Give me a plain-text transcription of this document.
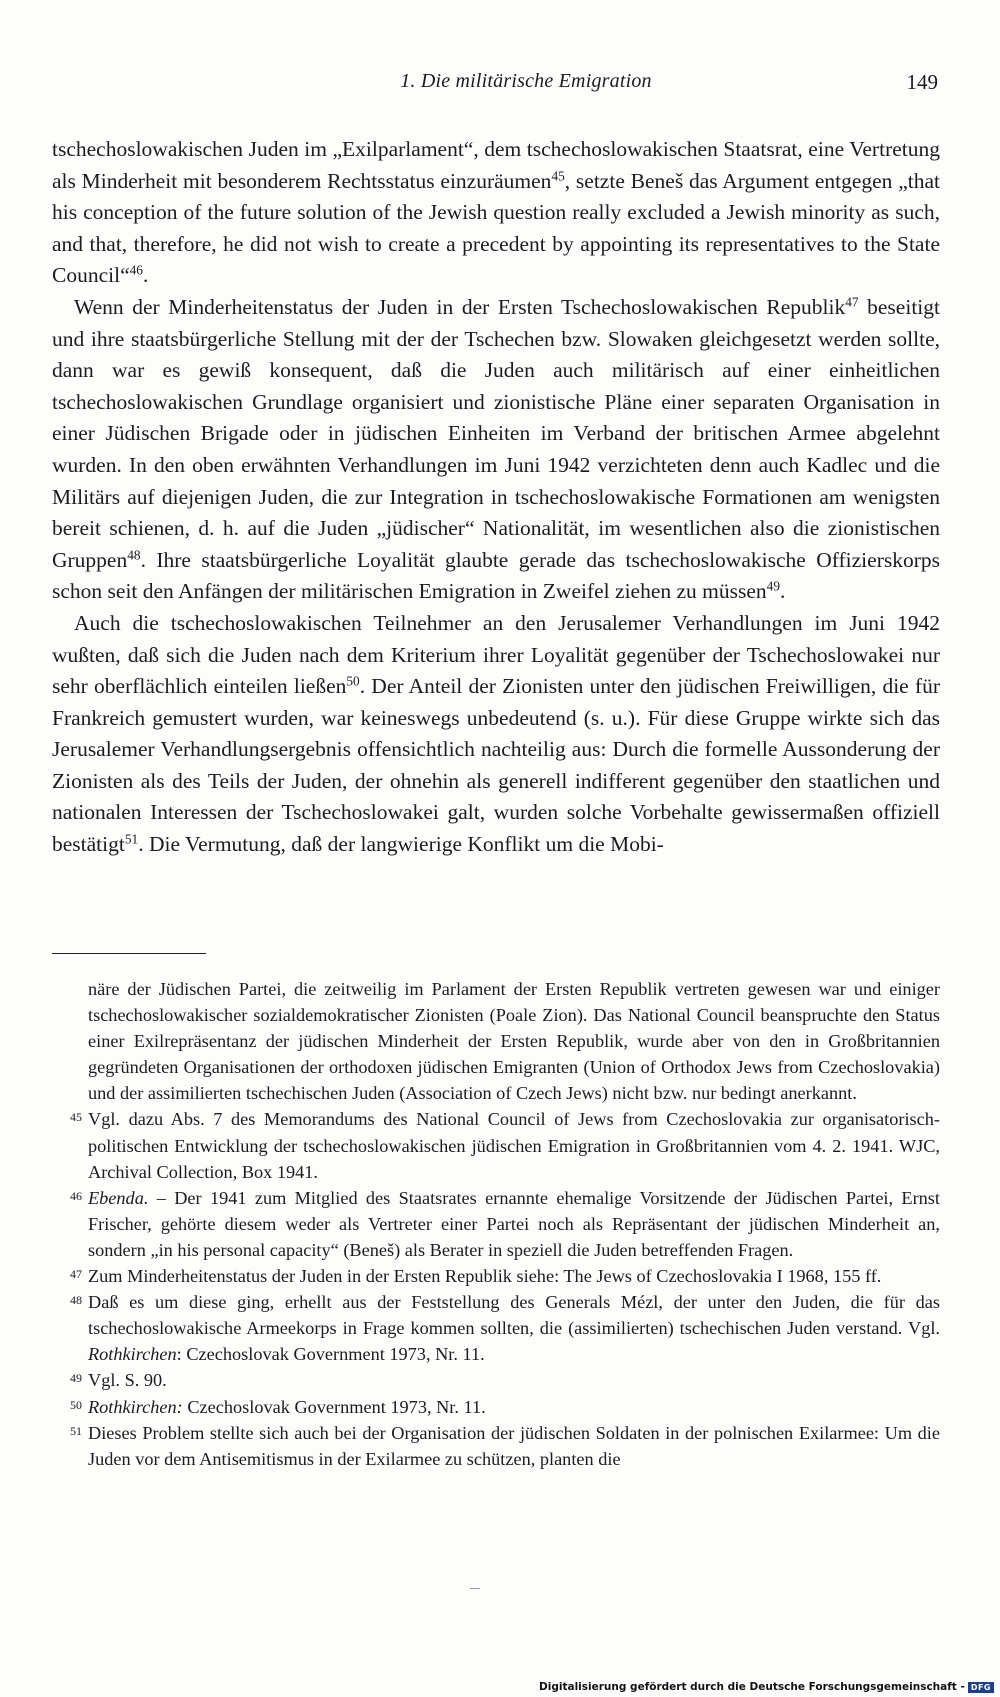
1. Die militärische Emigration	149

tschechoslowakischen Juden im „Exilparlament“, dem tschechoslowakischen Staatsrat, eine Vertretung als Minderheit mit besonderem Rechtsstatus einzuräumen$^{45}$, setzte Beneš das Argument entgegen „that his conception of the future solution of the Jewish question really excluded a Jewish minority as such, and that, therefore, he did not wish to create a precedent by appointing its representatives to the State Council“$^{46}$.

Wenn der Minderheitenstatus der Juden in der Ersten Tschechoslowakischen Republik$^{47}$ beseitigt und ihre staatsbürgerliche Stellung mit der der Tschechen bzw. Slowaken gleichgesetzt werden sollte, dann war es gewiß konsequent, daß die Juden auch militärisch auf einer einheitlichen tschechoslowakischen Grundlage organisiert und zionistische Pläne einer separaten Organisation in einer Jüdischen Brigade oder in jüdischen Einheiten im Verband der britischen Armee abgelehnt wurden. In den oben erwähnten Verhandlungen im Juni 1942 verzichteten denn auch Kadlec und die Militärs auf diejenigen Juden, die zur Integration in tschechoslowakische Formationen am wenigsten bereit schienen, d. h. auf die Juden „jüdischer“ Nationalität, im wesentlichen also die zionistischen Gruppen$^{48}$. Ihre staatsbürgerliche Loyalität glaubte gerade das tschechoslowakische Offizierskorps schon seit den Anfängen der militärischen Emigration in Zweifel ziehen zu müssen$^{49}$.

Auch die tschechoslowakischen Teilnehmer an den Jerusalemer Verhandlungen im Juni 1942 wußten, daß sich die Juden nach dem Kriterium ihrer Loyalität gegenüber der Tschechoslowakei nur sehr oberflächlich einteilen ließen$^{50}$. Der Anteil der Zionisten unter den jüdischen Freiwilligen, die für Frankreich gemustert wurden, war keineswegs unbedeutend (s. u.). Für diese Gruppe wirkte sich das Jerusalemer Verhandlungsergebnis offensichtlich nachteilig aus: Durch die formelle Aussonderung der Zionisten als des Teils der Juden, der ohnehin als generell indifferent gegenüber den staatlichen und nationalen Interessen der Tschechoslowakei galt, wurden solche Vorbehalte gewissermaßen offiziell bestätigt$^{51}$. Die Vermutung, daß der langwierige Konflikt um die Mobi-

näre der Jüdischen Partei, die zeitweilig im Parlament der Ersten Republik vertreten gewesen war und einiger tschechoslowakischer sozialdemokratischer Zionisten (Poale Zion). Das National Council beanspruchte den Status einer Exilrepräsentanz der jüdischen Minderheit der Ersten Republik, wurde aber von den in Großbritannien gegründeten Organisationen der orthodoxen jüdischen Emigranten (Union of Orthodox Jews from Czechoslovakia) und der assimilierten tschechischen Juden (Association of Czech Jews) nicht bzw. nur bedingt anerkannt.
45 Vgl. dazu Abs. 7 des Memorandums des National Council of Jews from Czechoslovakia zur organisatorisch-politischen Entwicklung der tschechoslowakischen jüdischen Emigration in Großbritannien vom 4. 2. 1941. WJC, Archival Collection, Box 1941.
46 Ebenda. – Der 1941 zum Mitglied des Staatsrates ernannte ehemalige Vorsitzende der Jüdischen Partei, Ernst Frischer, gehörte diesem weder als Vertreter einer Partei noch als Repräsentant der jüdischen Minderheit an, sondern „in his personal capacity“ (Beneš) als Berater in speziell die Juden betreffenden Fragen.
47 Zum Minderheitenstatus der Juden in der Ersten Republik siehe: The Jews of Czechoslovakia I 1968, 155 ff.
48 Daß es um diese ging, erhellt aus der Feststellung des Generals Mézl, der unter den Juden, die für das tschechoslowakische Armeekorps in Frage kommen sollten, die (assimilierten) tschechischen Juden verstand. Vgl. Rothkirchen: Czechoslovak Government 1973, Nr. 11.
49 Vgl. S. 90.
50 Rothkirchen: Czechoslovak Government 1973, Nr. 11.
51 Dieses Problem stellte sich auch bei der Organisation der jüdischen Soldaten in der polnischen Exilarmee: Um die Juden vor dem Antisemitismus in der Exilarmee zu schützen, planten die
Digitalisierung gefördert durch die Deutsche Forschungsgemeinschaft - DFG
